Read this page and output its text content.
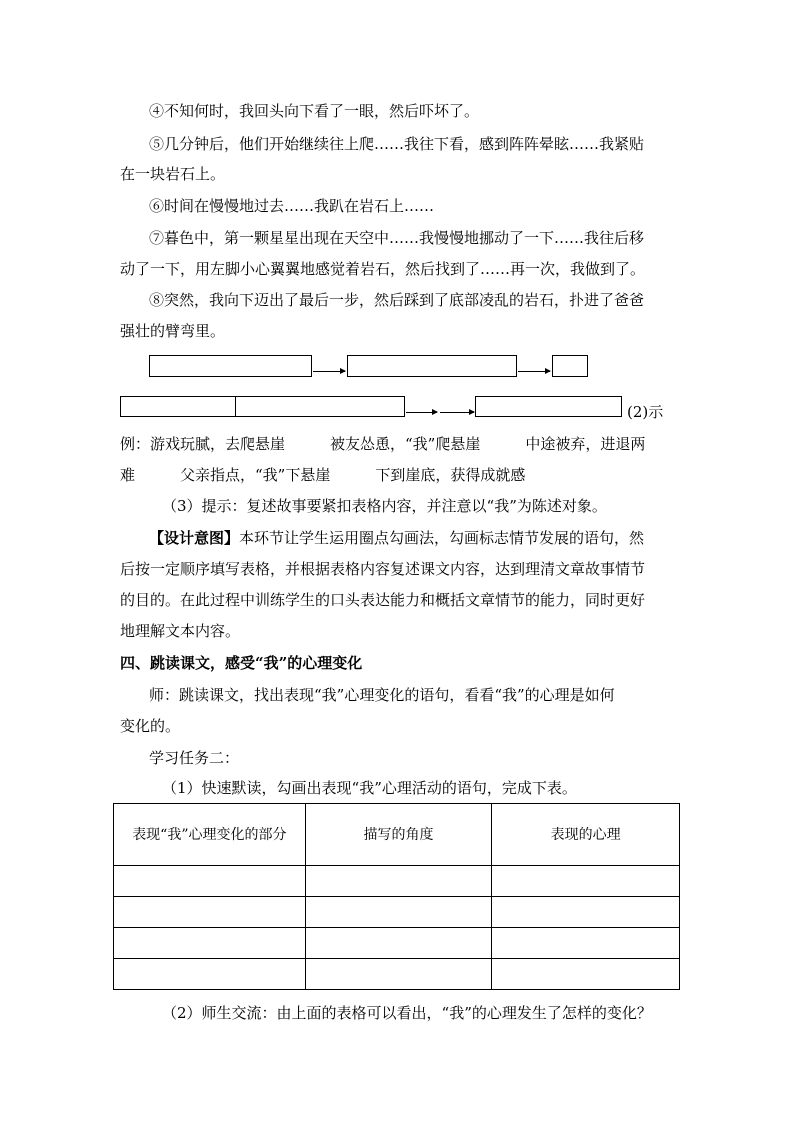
④不知何时，我回头向下看了一眼，然后吓坏了。
⑤几分钟后，他们开始继续往上爬……我往下看，感到阵阵晕眩……我紧贴
在一块岩石上。
⑥时间在慢慢地过去……我趴在岩石上……
⑦暮色中，第一颗星星出现在天空中……我慢慢地挪动了一下……我往后移
动了一下，用左脚小心翼翼地感觉着岩石，然后找到了……再一次，我做到了。
⑧突然，我向下迈出了最后一步，然后踩到了底部凌乱的岩石，扑进了爸爸
强壮的臂弯里。
(2)示
例：游戏玩腻，去爬悬崖　　　被友怂恿，“我”爬悬崖　　　中途被弃，进退两
难　　　父亲指点，“我”下悬崖　　　下到崖底，获得成就感
（3）提示：复述故事要紧扣表格内容，并注意以“我”为陈述对象。
【设计意图】本环节让学生运用圈点勾画法，勾画标志情节发展的语句，然
后按一定顺序填写表格，并根据表格内容复述课文内容，达到理清文章故事情节
的目的。在此过程中训练学生的口头表达能力和概括文章情节的能力，同时更好
地理解文本内容。
四、跳读课文，感受“我”的心理变化
师：跳读课文，找出表现“我”心理变化的语句，看看“我”的心理是如何
变化的。
学习任务二：
（1）快速默读，勾画出表现“我”心理活动的语句，完成下表。
表现“我”心理变化的部分	描写的角度	表现的心理

（2）师生交流：由上面的表格可以看出，“我”的心理发生了怎样的变化？
